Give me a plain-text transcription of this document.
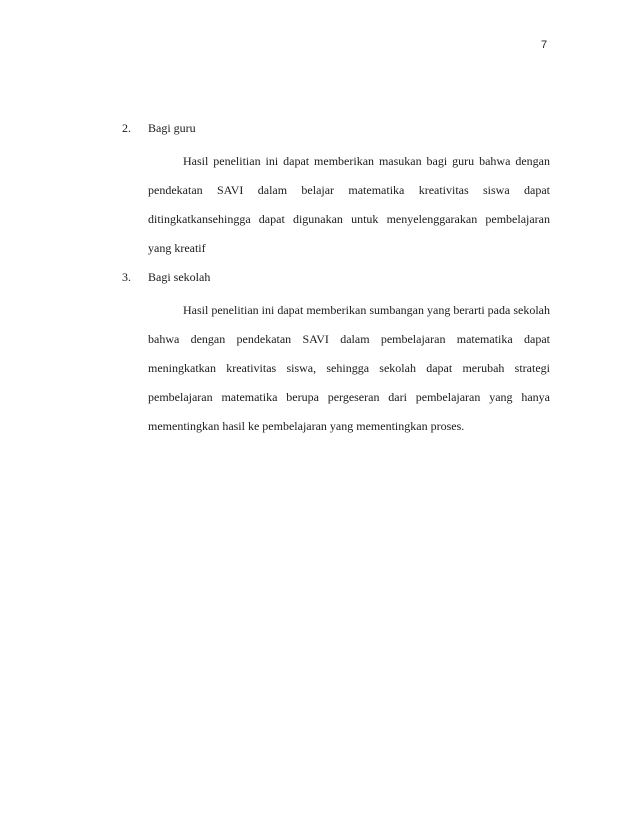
7
2. Bagi guru

Hasil penelitian ini dapat memberikan masukan bagi guru bahwa dengan pendekatan SAVI dalam belajar matematika kreativitas siswa dapat ditingkatkansehingga dapat digunakan untuk menyelenggarakan pembelajaran yang kreatif

3. Bagi sekolah

Hasil penelitian ini dapat memberikan sumbangan yang berarti pada sekolah bahwa dengan pendekatan SAVI dalam pembelajaran matematika dapat meningkatkan kreativitas siswa, sehingga sekolah dapat merubah strategi pembelajaran matematika berupa pergeseran dari pembelajaran yang hanya mementingkan hasil ke pembelajaran yang mementingkan proses.
